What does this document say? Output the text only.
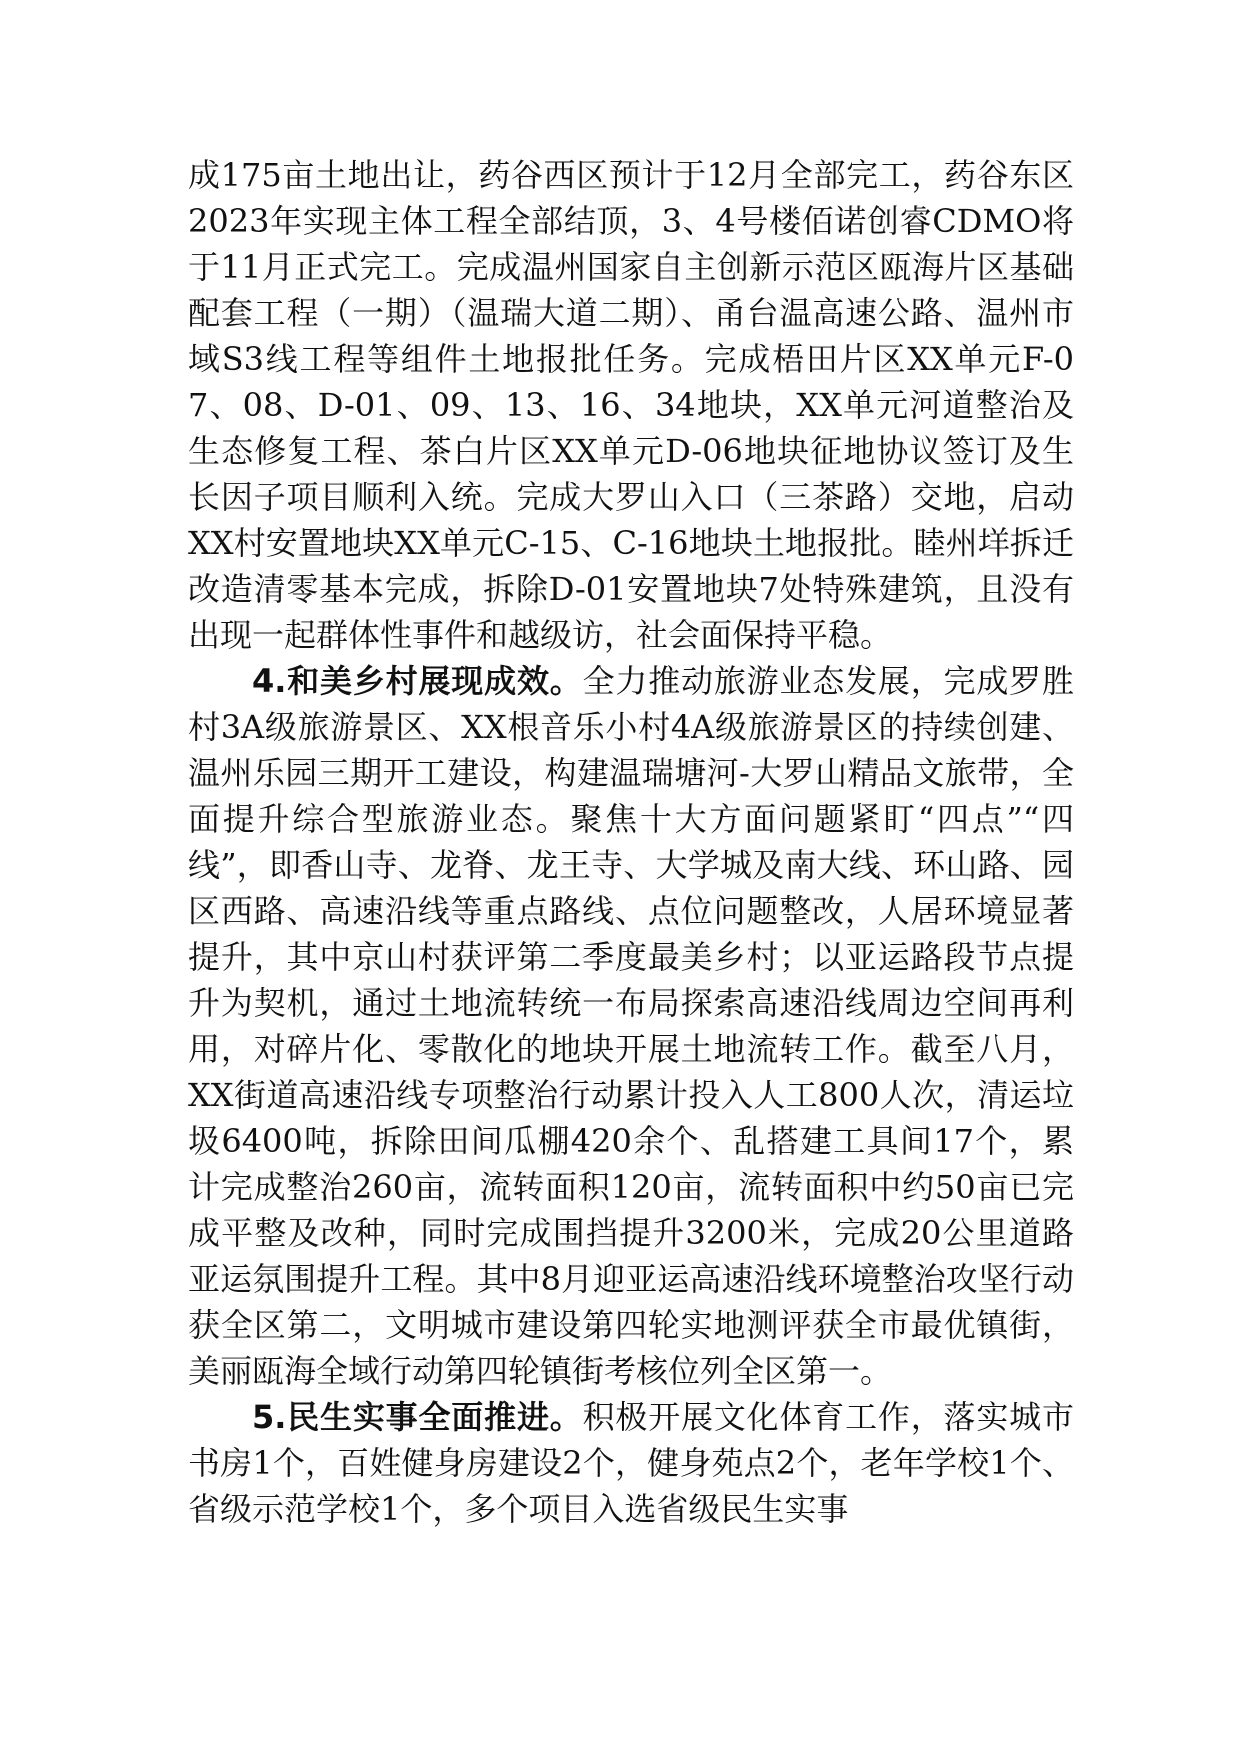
成175亩土地出让，药谷西区预计于12月全部完工，药谷东区2023年实现主体工程全部结顶，3、4号楼佰诺创睿CDMO将于11月正式完工。完成温州国家自主创新示范区瓯海片区基础配套工程（一期）（温瑞大道二期）、甬台温高速公路、温州市域S3线工程等组件土地报批任务。完成梧田片区XX单元F-07、08、D-01、09、13、16、34地块，XX单元河道整治及生态修复工程、茶白片区XX单元D-06地块征地协议签订及生长因子项目顺利入统。完成大罗山入口（三茶路）交地，启动XX村安置地块XX单元C-15、C-16地块土地报批。睦州垟拆迁改造清零基本完成，拆除D-01安置地块7处特殊建筑，且没有出现一起群体性事件和越级访，社会面保持平稳。

4.和美乡村展现成效。全力推动旅游业态发展，完成罗胜村3A级旅游景区、XX根音乐小村4A级旅游景区的持续创建、温州乐园三期开工建设，构建温瑞塘河-大罗山精品文旅带，全面提升综合型旅游业态。聚焦十大方面问题紧盯“四点”“四线”，即香山寺、龙脊、龙王寺、大学城及南大线、环山路、园区西路、高速沿线等重点路线、点位问题整改，人居环境显著提升，其中京山村获评第二季度最美乡村；以亚运路段节点提升为契机，通过土地流转统一布局探索高速沿线周边空间再利用，对碎片化、零散化的地块开展土地流转工作。截至八月，XX街道高速沿线专项整治行动累计投入人工800人次，清运垃圾6400吨，拆除田间瓜棚420余个、乱搭建工具间17个，累计完成整治260亩，流转面积120亩，流转面积中约50亩已完成平整及改种，同时完成围挡提升3200米，完成20公里道路亚运氛围提升工程。其中8月迎亚运高速沿线环境整治攻坚行动获全区第二，文明城市建设第四轮实地测评获全市最优镇街，美丽瓯海全域行动第四轮镇街考核位列全区第一。

5.民生实事全面推进。积极开展文化体育工作，落实城市书房1个，百姓健身房建设2个，健身苑点2个，老年学校1个、省级示范学校1个，多个项目入选省级民生实事
